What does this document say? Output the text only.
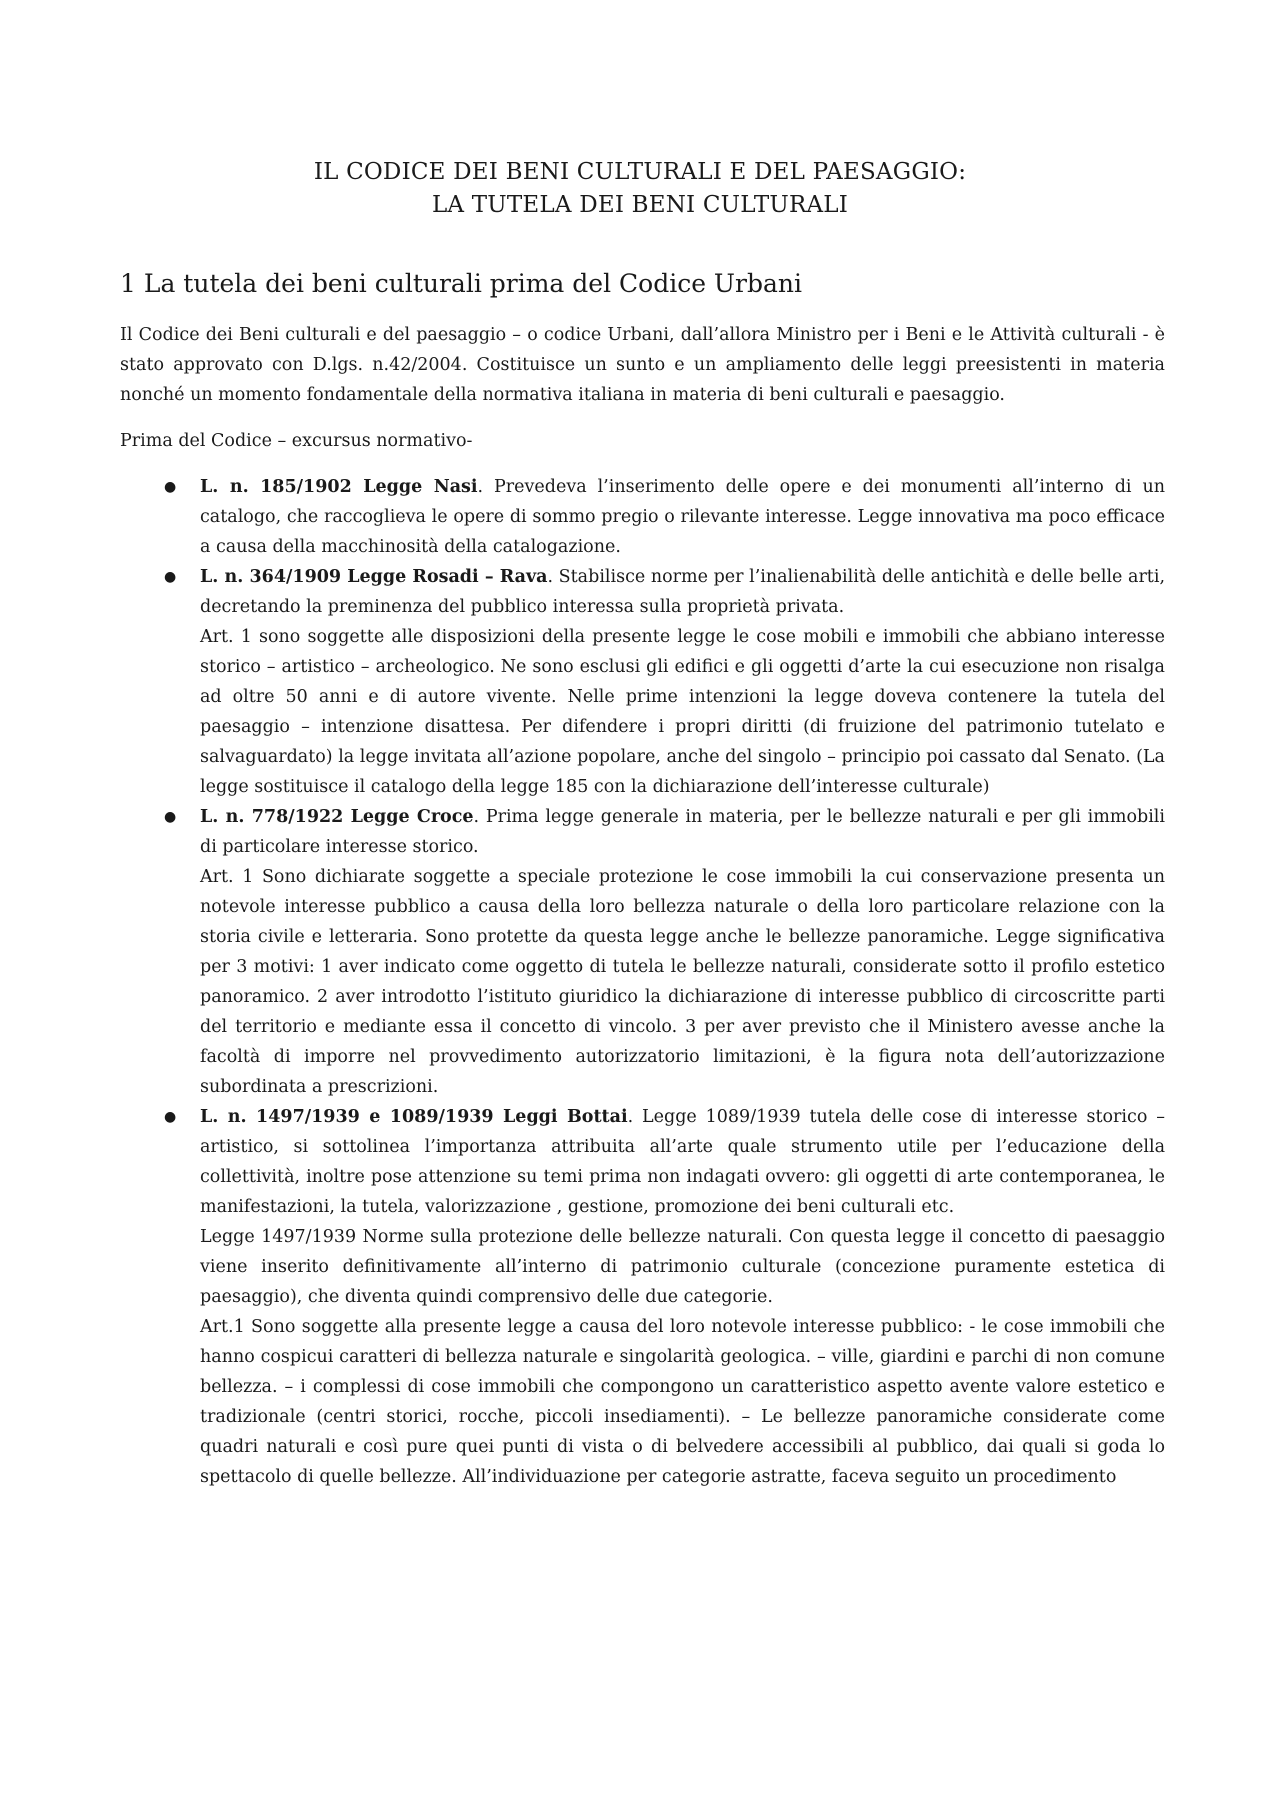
IL CODICE DEI BENI CULTURALI E DEL PAESAGGIO:
LA TUTELA DEI BENI CULTURALI
1 La tutela dei beni culturali prima del Codice Urbani

Il Codice dei Beni culturali e del paesaggio – o codice Urbani, dall’allora Ministro per i Beni e le Attività culturali - è stato approvato con D.lgs. n.42/2004. Costituisce un sunto e un ampliamento delle leggi preesistenti in materia nonché un momento fondamentale della normativa italiana in materia di beni culturali e paesaggio.

Prima del Codice – excursus normativo-

● L. n. 185/1902 Legge Nasi. Prevedeva l’inserimento delle opere e dei monumenti all’interno di un catalogo, che raccoglieva le opere di sommo pregio o rilevante interesse. Legge innovativa ma poco efficace a causa della macchinosità della catalogazione.

● L. n. 364/1909 Legge Rosadi – Rava. Stabilisce norme per l’inalienabilità delle antichità e delle belle arti, decretando la preminenza del pubblico interessa sulla proprietà privata.

Art. 1 sono soggette alle disposizioni della presente legge le cose mobili e immobili che abbiano interesse storico – artistico – archeologico. Ne sono esclusi gli edifici e gli oggetti d’arte la cui esecuzione non risalga ad oltre 50 anni e di autore vivente. Nelle prime intenzioni la legge doveva contenere la tutela del paesaggio – intenzione disattesa. Per difendere i propri diritti (di fruizione del patrimonio tutelato e salvaguardato) la legge invitata all’azione popolare, anche del singolo – principio poi cassato dal Senato. (La legge sostituisce il catalogo della legge 185 con la dichiarazione dell’interesse culturale)

● L. n. 778/1922 Legge Croce. Prima legge generale in materia, per le bellezze naturali e per gli immobili di particolare interesse storico.

Art. 1 Sono dichiarate soggette a speciale protezione le cose immobili la cui conservazione presenta un notevole interesse pubblico a causa della loro bellezza naturale o della loro particolare relazione con la storia civile e letteraria. Sono protette da questa legge anche le bellezze panoramiche. Legge significativa per 3 motivi: 1 aver indicato come oggetto di tutela le bellezze naturali, considerate sotto il profilo estetico panoramico. 2 aver introdotto l’istituto giuridico la dichiarazione di interesse pubblico di circoscritte parti del territorio e mediante essa il concetto di vincolo. 3 per aver previsto che il Ministero avesse anche la facoltà di imporre nel provvedimento autorizzatorio limitazioni, è la figura nota dell’autorizzazione subordinata a prescrizioni.

● L. n. 1497/1939 e 1089/1939 Leggi Bottai. Legge 1089/1939 tutela delle cose di interesse storico – artistico, si sottolinea l’importanza attribuita all’arte quale strumento utile per l’educazione della collettività, inoltre pose attenzione su temi prima non indagati ovvero: gli oggetti di arte contemporanea, le manifestazioni, la tutela, valorizzazione , gestione, promozione dei beni culturali etc.

Legge 1497/1939 Norme sulla protezione delle bellezze naturali. Con questa legge il concetto di paesaggio viene inserito definitivamente all’interno di patrimonio culturale (concezione puramente estetica di paesaggio), che diventa quindi comprensivo delle due categorie.

Art.1 Sono soggette alla presente legge a causa del loro notevole interesse pubblico: - le cose immobili che hanno cospicui caratteri di bellezza naturale e singolarità geologica. – ville, giardini e parchi di non comune bellezza. – i complessi di cose immobili che compongono un caratteristico aspetto avente valore estetico e tradizionale (centri storici, rocche, piccoli insediamenti). – Le bellezze panoramiche considerate come quadri naturali e così pure quei punti di vista o di belvedere accessibili al pubblico, dai quali si goda lo spettacolo di quelle bellezze. All’individuazione per categorie astratte, faceva seguito un procedimento
